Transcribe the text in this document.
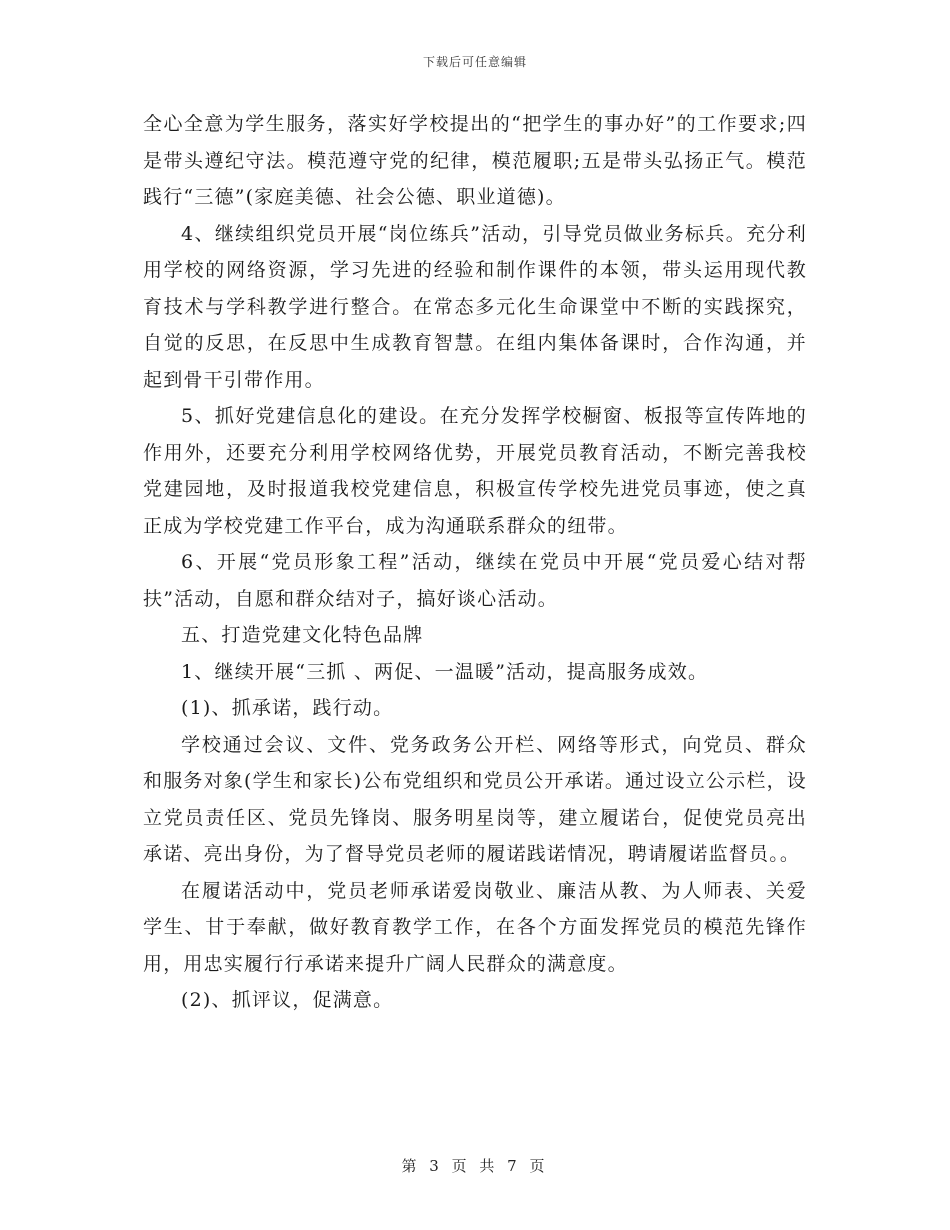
下载后可任意编辑

全心全意为学生服务，落实好学校提出的“把学生的事办好”的工作要求;四是带头遵纪守法。模范遵守党的纪律，模范履职;五是带头弘扬正气。模范践行“三德”(家庭美德、社会公德、职业道德)。

4、继续组织党员开展“岗位练兵”活动，引导党员做业务标兵。充分利用学校的网络资源，学习先进的经验和制作课件的本领，带头运用现代教育技术与学科教学进行整合。在常态多元化生命课堂中不断的实践探究，自觉的反思，在反思中生成教育智慧。在组内集体备课时，合作沟通，并起到骨干引带作用。

5、抓好党建信息化的建设。在充分发挥学校橱窗、板报等宣传阵地的作用外，还要充分利用学校网络优势，开展党员教育活动，不断完善我校党建园地，及时报道我校党建信息，积极宣传学校先进党员事迹，使之真正成为学校党建工作平台，成为沟通联系群众的纽带。

6、开展“党员形象工程”活动，继续在党员中开展“党员爱心结对帮扶”活动，自愿和群众结对子，搞好谈心活动。

五、打造党建文化特色品牌

1、继续开展“三抓 、两促、一温暖”活动，提高服务成效。

(1)、抓承诺，践行动。

学校通过会议、文件、党务政务公开栏、网络等形式，向党员、群众和服务对象(学生和家长)公布党组织和党员公开承诺。通过设立公示栏，设立党员责任区、党员先锋岗、服务明星岗等，建立履诺台，促使党员亮出承诺、亮出身份，为了督导党员老师的履诺践诺情况，聘请履诺监督员。。

在履诺活动中，党员老师承诺爱岗敬业、廉洁从教、为人师表、关爱学生、甘于奉献，做好教育教学工作，在各个方面发挥党员的模范先锋作用，用忠实履行行承诺来提升广阔人民群众的满意度。

(2)、抓评议，促满意。

第 3 页 共 7 页
